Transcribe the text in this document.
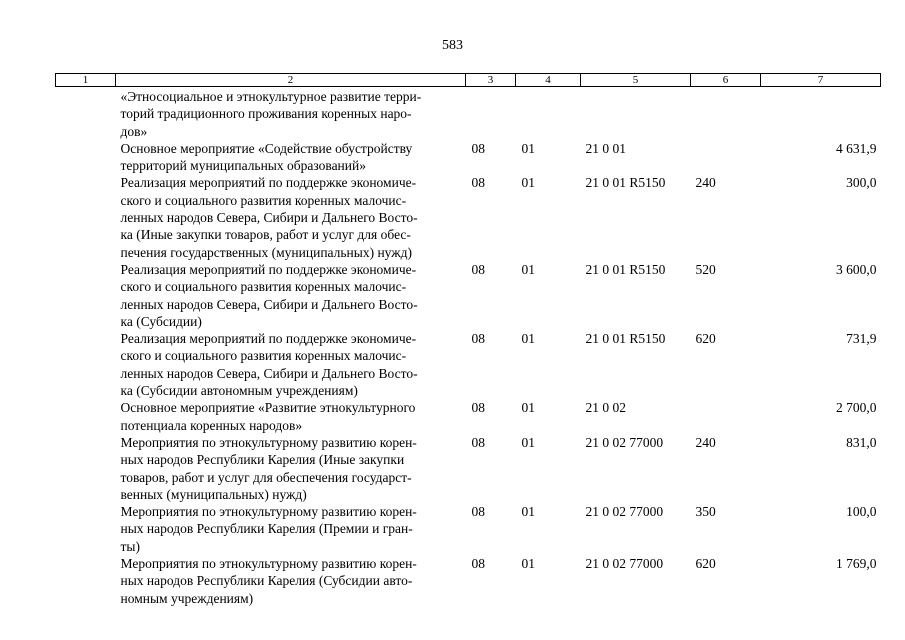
583
1	2	3	4	5	6	7
	«Этносоциальное и этнокультурное развитие терри-
торий традиционного проживания коренных наро-
дов»					
	Основное мероприятие «Содействие обустройству
территорий муниципальных образований»	08	01	21 0 01		4 631,9
	Реализация мероприятий по поддержке экономиче-
ского и социального развития коренных малочис-
ленных народов Севера, Сибири и Дальнего Восто-
ка (Иные закупки товаров, работ и услуг для обес-
печения государственных (муниципальных) нужд)	08	01	21 0 01 R5150	240	300,0
	Реализация мероприятий по поддержке экономиче-
ского и социального развития коренных малочис-
ленных народов Севера, Сибири и Дальнего Восто-
ка (Субсидии)	08	01	21 0 01 R5150	520	3 600,0
	Реализация мероприятий по поддержке экономиче-
ского и социального развития коренных малочис-
ленных народов Севера, Сибири и Дальнего Восто-
ка (Субсидии автономным учреждениям)	08	01	21 0 01 R5150	620	731,9
	Основное мероприятие «Развитие этнокультурного
потенциала коренных народов»	08	01	21 0 02		2 700,0
	Мероприятия по этнокультурному развитию корен-
ных народов Республики Карелия (Иные закупки
товаров, работ и услуг для обеспечения государст-
венных (муниципальных) нужд)	08	01	21 0 02 77000	240	831,0
	Мероприятия по этнокультурному развитию корен-
ных народов Республики Карелия (Премии и гран-
ты)	08	01	21 0 02 77000	350	100,0
	Мероприятия по этнокультурному развитию корен-
ных народов Республики Карелия (Субсидии авто-
номным учреждениям)	08	01	21 0 02 77000	620	1 769,0
